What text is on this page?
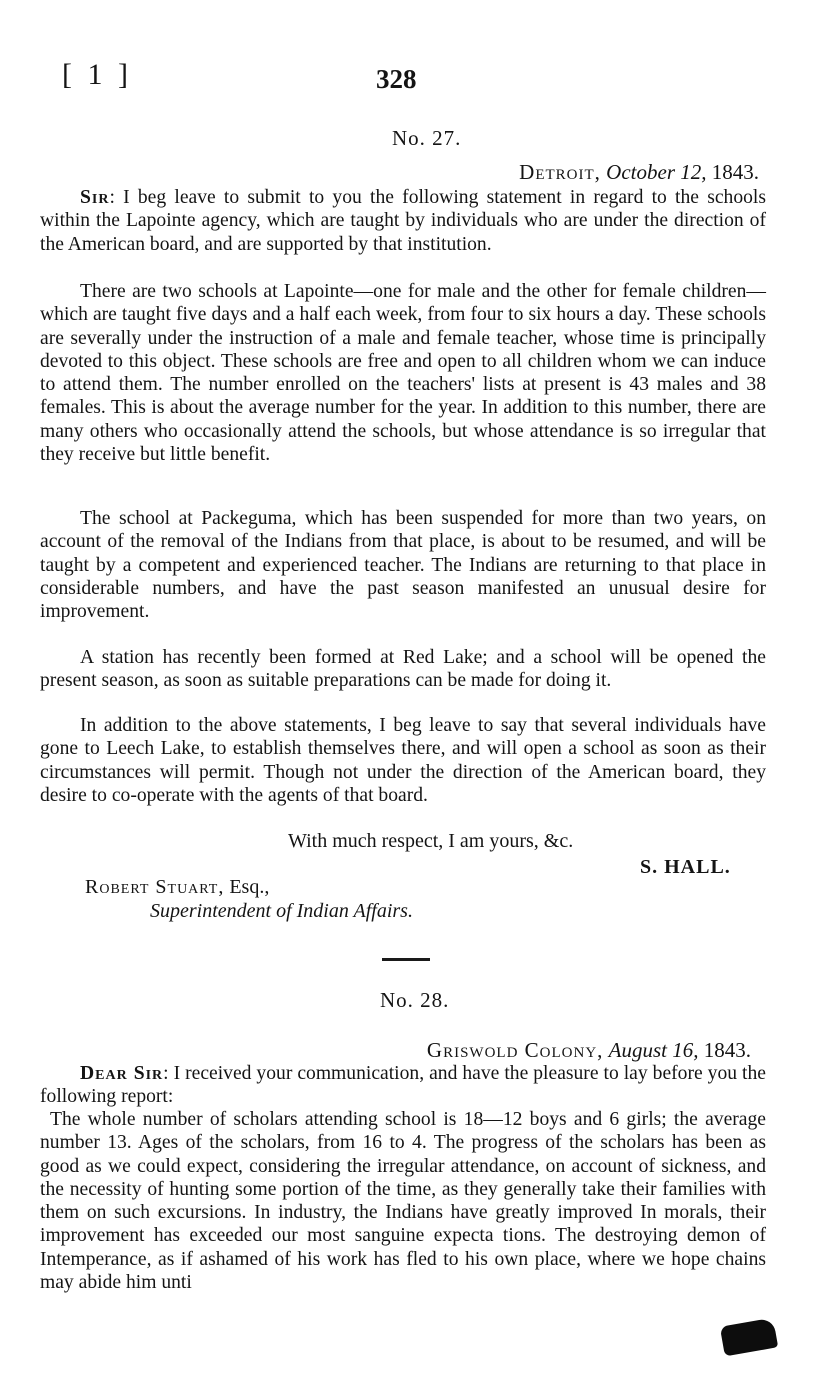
[ 1 ]	328
No. 27.
Detroit, October 12, 1843.
Sir: I beg leave to submit to you the following statement in regard to the schools within the Lapointe agency, which are taught by individuals who are under the direction of the American board, and are supported by that institution.
There are two schools at Lapointe—one for male and the other for female children—which are taught five days and a half each week, from four to six hours a day. These schools are severally under the instruction of a male and female teacher, whose time is principally devoted to this object. These schools are free and open to all children whom we can induce to attend them. The number enrolled on the teachers' lists at present is 43 males and 38 females. This is about the average number for the year. In addition to this number, there are many others who occasionally attend the schools, but whose attendance is so irregular that they receive but little benefit.
The school at Packeguma, which has been suspended for more than two years, on account of the removal of the Indians from that place, is about to be resumed, and will be taught by a competent and experienced teacher. The Indians are returning to that place in considerable numbers, and have the past season manifested an unusual desire for improvement.
A station has recently been formed at Red Lake; and a school will be opened the present season, as soon as suitable preparations can be made for doing it.
In addition to the above statements, I beg leave to say that several individuals have gone to Leech Lake, to establish themselves there, and will open a school as soon as their circumstances will permit. Though not under the direction of the American board, they desire to co-operate with the agents of that board.
With much respect, I am yours, &c.
S. HALL.
Robert Stuart, Esq.,
Superintendent of Indian Affairs.
No. 28.
Griswold Colony, August 16, 1843.
Dear Sir: I received your communication, and have the pleasure to lay before you the following report:
The whole number of scholars attending school is 18—12 boys and 6 girls; the average number 13. Ages of the scholars, from 16 to 4. The progress of the scholars has been as good as we could expect, considering the irregular attendance, on account of sickness, and the necessity of hunting some portion of the time, as they generally take their families with them on such excursions. In industry, the Indians have greatly improved In morals, their improvement has exceeded our most sanguine expecta tions. The destroying demon of Intemperance, as if ashamed of his work has fled to his own place, where we hope chains may abide him unti
